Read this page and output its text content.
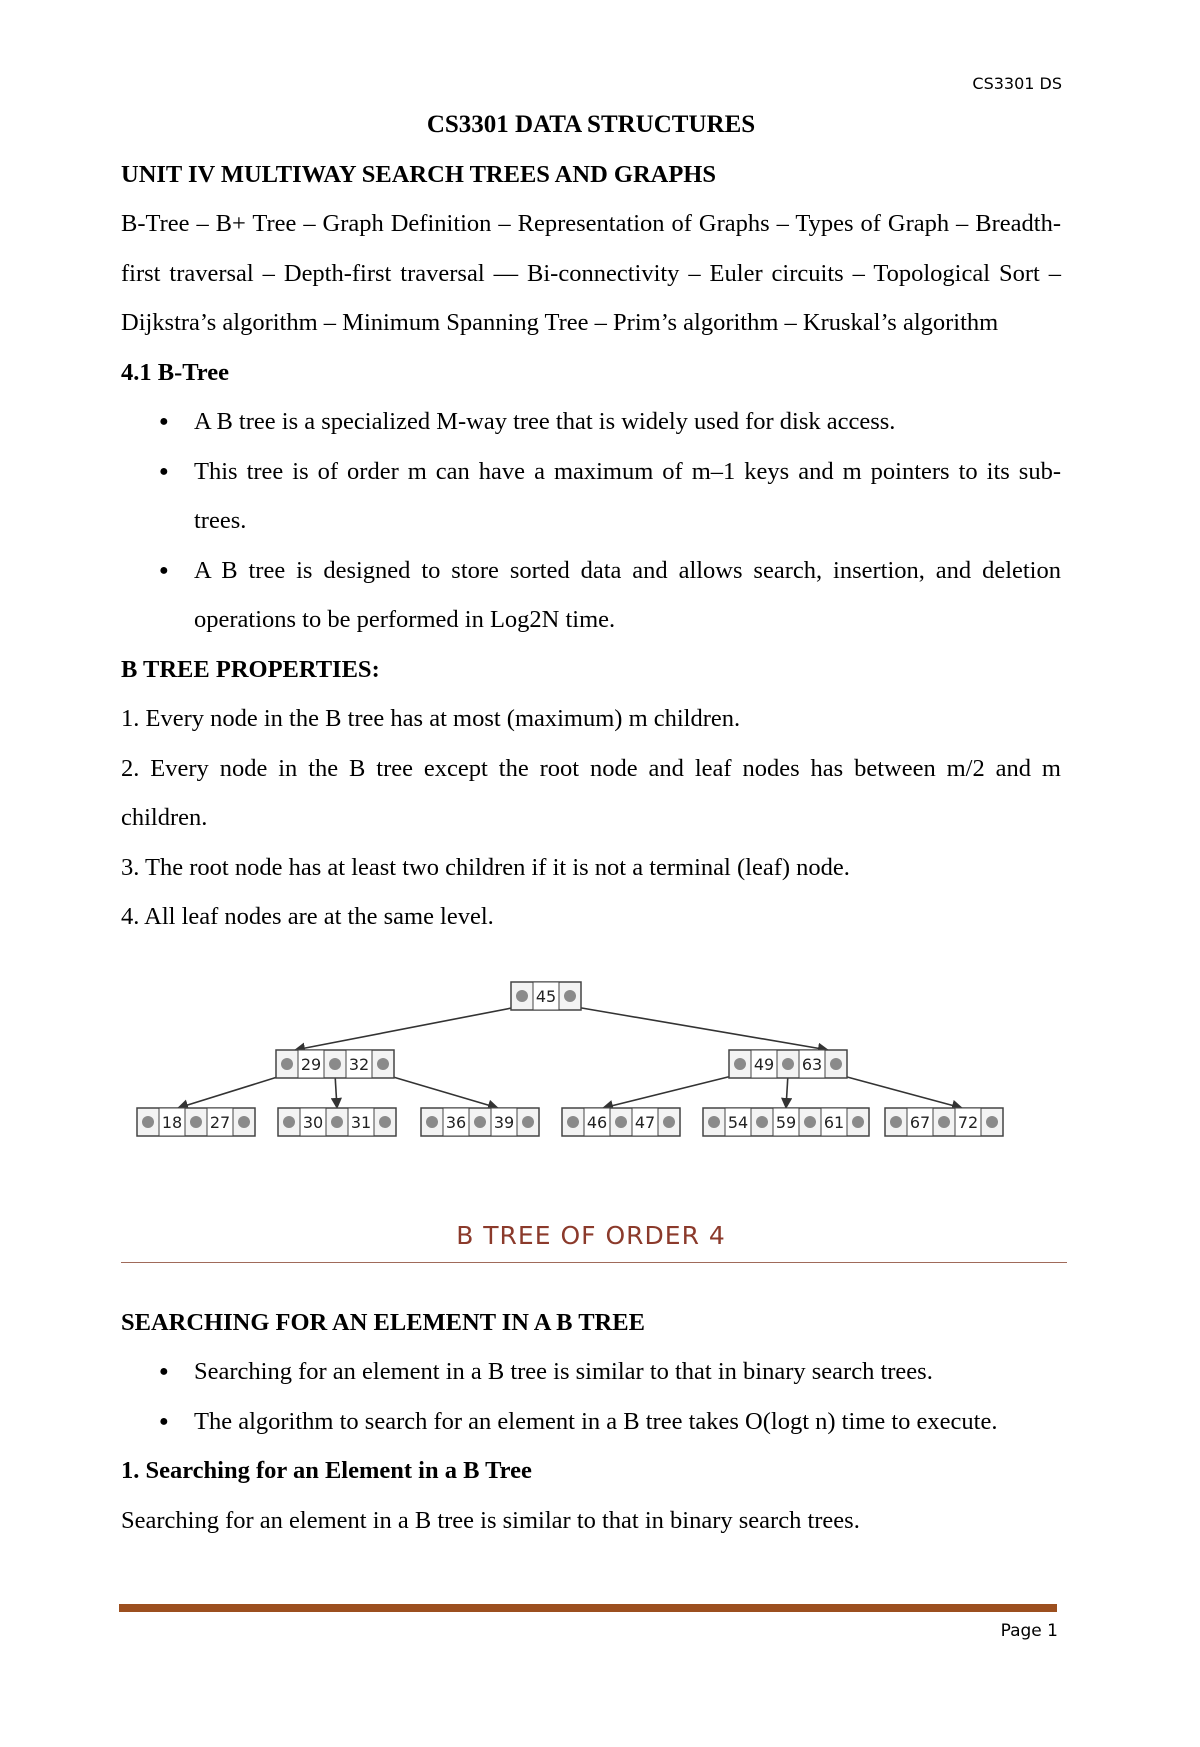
CS3301 DS

CS3301 DATA STRUCTURES

UNIT IV MULTIWAY SEARCH TREES AND GRAPHS

B-Tree – B+ Tree – Graph Definition – Representation of Graphs – Types of Graph – Breadth-first traversal – Depth-first traversal — Bi-connectivity – Euler circuits – Topological Sort – Dijkstra’s algorithm – Minimum Spanning Tree – Prim’s algorithm – Kruskal’s algorithm

4.1 B-Tree

● A B tree is a specialized M-way tree that is widely used for disk access.
● This tree is of order m can have a maximum of m–1 keys and m pointers to its sub-trees.
● A B tree is designed to store sorted data and allows search, insertion, and deletion operations to be performed in Log2N time.

B TREE PROPERTIES:

1. Every node in the B tree has at most (maximum) m children.

2. Every node in the B tree except the root node and leaf nodes has between m/2 and m children.

3. The root node has at least two children if it is not a terminal (leaf) node.

4. All leaf nodes are at the same level.

45
29 32	49 63
18 27	30 31	36 39	46 47	54 59 61	67 72
B TREE OF ORDER 4

SEARCHING FOR AN ELEMENT IN A B TREE

● Searching for an element in a B tree is similar to that in binary search trees.
● The algorithm to search for an element in a B tree takes O(logt n) time to execute.

1. Searching for an Element in a B Tree

Searching for an element in a B tree is similar to that in binary search trees.

Page 1
